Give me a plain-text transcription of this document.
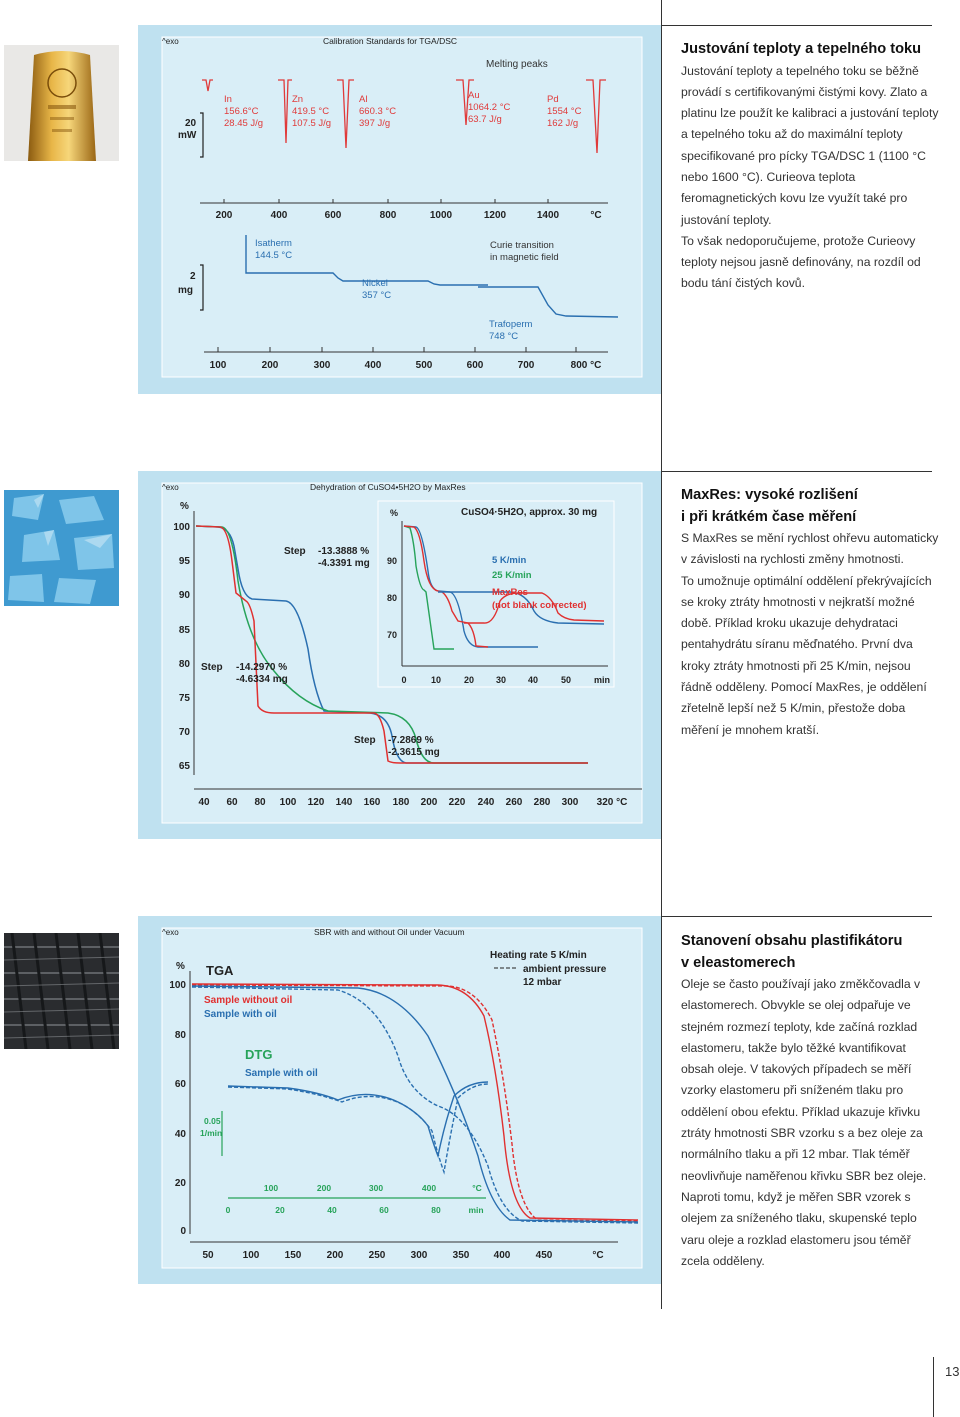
^exo	Calibration Standards for TGA/DSC
Melting peaks
20
mW
In
156.6°C
28.45 J/g
Zn
419.5 °C
107.5 J/g
Al
660.3 °C
397 J/g
Au
1064.2 °C
63.7 J/g
Pd
1554 °C
162 J/g
200	400	600	800	1000	1200	1400	°C
2
mg
Isatherm
144.5 °C
Nickel
357 °C
Trafoperm
748 °C
Curie transition
in magnetic field
100	200	300	400	500	600	700	800 °C
Justování teploty a tepelného toku

Justování teploty a tepelného toku se běžně provádí s certifikovanými čistými kovy. Zlato a platinu lze použít ke kalibraci a justování teploty a tepelného toku až do maximální teploty specifikované pro pícky TGA/DSC 1 (1100 °C nebo 1600 °C). Curieova teplota feromagnetických kovu lze využít také pro justování teploty.

To však nedoporučujeme, protože Curieovy teploty nejsou jasně definovány, na rozdíl od bodu tání čistých kovů.

^exo	Dehydration of CuSO4•5H2O by MaxRes
%
100
95
90
85
80
75
70
65
Step -13.3888 %
-4.3391 mg
Step -14.2970 %
-4.6334 mg
Step -7.2869 %
-2.3615 mg
%	CuSO4·5H2O, approx. 30 mg
90
80
70
0	10	20 30 40	50	min
5 K/min
25 K/min
MaxRes
(not blank corrected)
40 60 80 100 120 140 160 180 200 220 240 260 280 300 320 °C
MaxRes: vysoké rozlišení
i při krátkém čase měření

S MaxRes se mění rychlost ohřevu automaticky v závislosti na rychlosti změny hmotnosti.

To umožnuje optimální oddělení překrývajících se kroky ztráty hmotnosti v nejkratší možné době. Příklad kroku ukazuje dehydrataci pentahydrátu síranu měďnatého. První dva kroky ztráty hmotnosti při 25 K/min, nejsou řádně odděleny. Pomocí MaxRes, je oddělení zřetelně lepší než 5 K/min, přestože doba měření je mnohem kratší.

^exo	SBR with and without Oil under Vacuum
% TGA
100
80
60
40
20
0
Sample without oil
Sample with oil
Heating rate 5 K/min
ambient pressure
12 mbar
DTG
Sample with oil
0.05
1/min
100	200	300	400	°C
0	20	40	60	80	min
50	100	150	200	250	300	350 400	450	°C
Stanovení obsahu plastifikátoru
v eleastomerech

Oleje se často používají jako změkčovadla v elastomerech. Obvykle se olej odpařuje ve stejném rozmezí teploty, kde začíná rozklad elastomeru, takže bylo těžké kvantifikovat obsah oleje. V takových případech se měří vzorky elastomeru při sníženém tlaku pro oddělení obou efektu. Příklad ukazuje křivku ztráty hmotnosti SBR vzorku s a bez oleje za normálního tlaku a při 12 mbar. Tlak téměř neovlivňuje naměřenou křivku SBR bez oleje. Naproti tomu, když je měřen SBR vzorek s olejem za sníženého tlaku, skupenské teplo varu oleje a rozklad elastomeru jsou téměř zcela odděleny.

13
